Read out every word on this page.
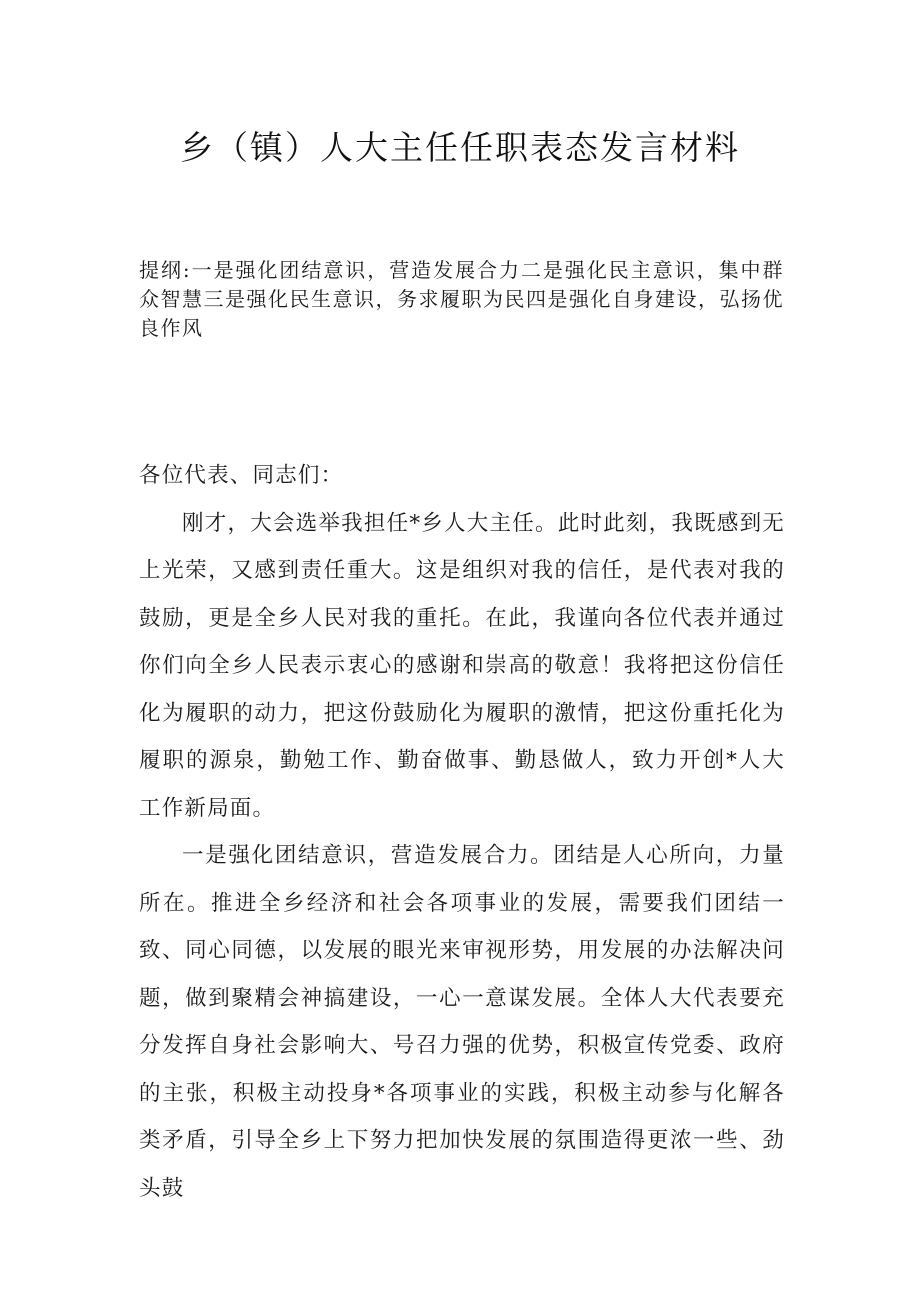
乡（镇）人大主任任职表态发言材料

提纲:一是强化团结意识，营造发展合力二是强化民主意识，集中群众智慧三是强化民生意识，务求履职为民四是强化自身建设，弘扬优良作风

各位代表、同志们：

刚才，大会选举我担任*乡人大主任。此时此刻，我既感到无上光荣，又感到责任重大。这是组织对我的信任，是代表对我的鼓励，更是全乡人民对我的重托。在此，我谨向各位代表并通过你们向全乡人民表示衷心的感谢和崇高的敬意！我将把这份信任化为履职的动力，把这份鼓励化为履职的激情，把这份重托化为履职的源泉，勤勉工作、勤奋做事、勤恳做人，致力开创*人大工作新局面。

一是强化团结意识，营造发展合力。团结是人心所向，力量所在。推进全乡经济和社会各项事业的发展，需要我们团结一致、同心同德，以发展的眼光来审视形势，用发展的办法解决问题，做到聚精会神搞建设，一心一意谋发展。全体人大代表要充分发挥自身社会影响大、号召力强的优势，积极宣传党委、政府的主张，积极主动投身*各项事业的实践，积极主动参与化解各类矛盾，引导全乡上下努力把加快发展的氛围造得更浓一些、劲头鼓
